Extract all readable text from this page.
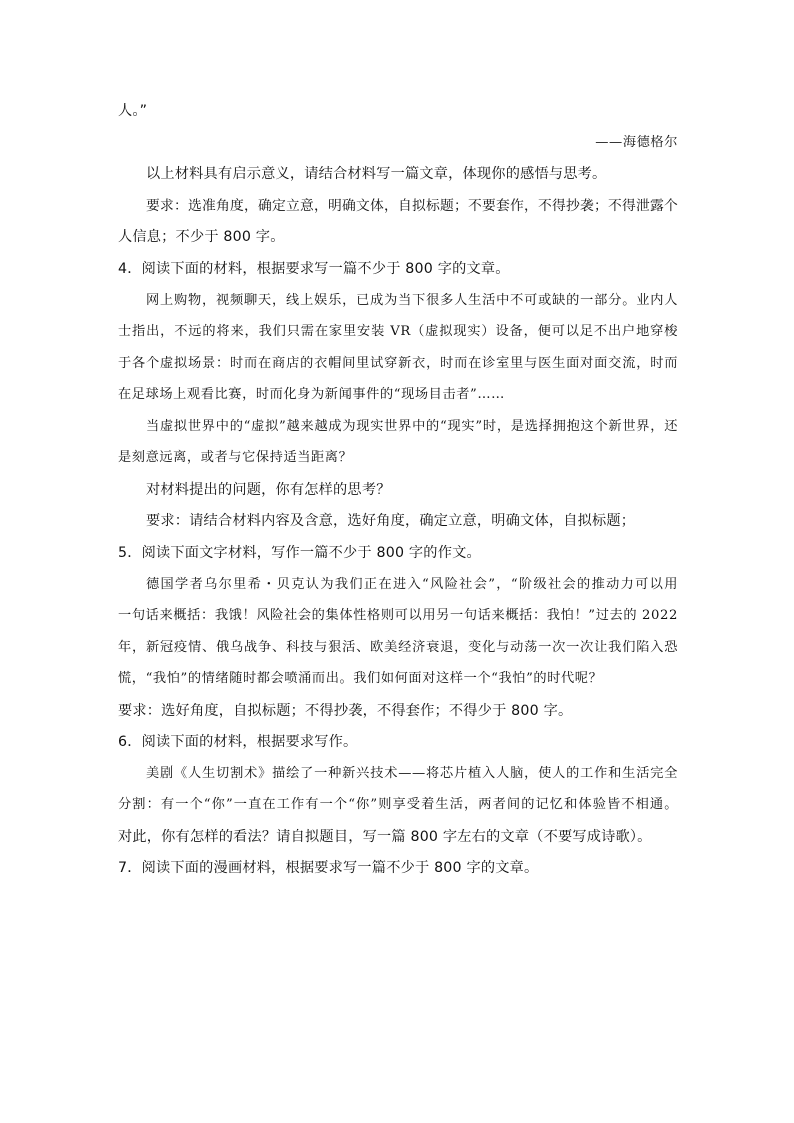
人。”
——海德格尔
以上材料具有启示意义，请结合材料写一篇文章，体现你的感悟与思考。
要求：选准角度，确定立意，明确文体，自拟标题；不要套作，不得抄袭；不得泄露个
人信息；不少于 800 字。
4．阅读下面的材料，根据要求写一篇不少于 800 字的文章。
网上购物，视频聊天，线上娱乐，已成为当下很多人生活中不可或缺的一部分。业内人
士指出，不远的将来，我们只需在家里安装 VR（虚拟现实）设备，便可以足不出户地穿梭
于各个虚拟场景：时而在商店的衣帽间里试穿新衣，时而在诊室里与医生面对面交流，时而
在足球场上观看比赛，时而化身为新闻事件的“现场目击者”……
当虚拟世界中的“虚拟”越来越成为现实世界中的“现实”时，是选择拥抱这个新世界，还
是刻意远离，或者与它保持适当距离？
对材料提出的问题，你有怎样的思考？
要求：请结合材料内容及含意，选好角度，确定立意，明确文体，自拟标题；
5．阅读下面文字材料，写作一篇不少于 800 字的作文。
德国学者乌尔里希・贝克认为我们正在进入“风险社会”，“阶级社会的推动力可以用
一句话来概括：我饿！风险社会的集体性格则可以用另一句话来概括：我怕！”过去的 2022
年，新冠疫情、俄乌战争、科技与狠活、欧美经济衰退，变化与动荡一次一次让我们陷入恐
慌，“我怕”的情绪随时都会喷涌而出。我们如何面对这样一个“我怕”的时代呢？
要求：选好角度，自拟标题；不得抄袭，不得套作；不得少于 800 字。
6．阅读下面的材料，根据要求写作。
美剧《人生切割术》描绘了一种新兴技术——将芯片植入人脑，使人的工作和生活完全
分割：有一个“你”一直在工作有一个“你”则享受着生活，两者间的记忆和体验皆不相通。
对此，你有怎样的看法？请自拟题目，写一篇 800 字左右的文章（不要写成诗歌）。
7．阅读下面的漫画材料，根据要求写一篇不少于 800 字的文章。
